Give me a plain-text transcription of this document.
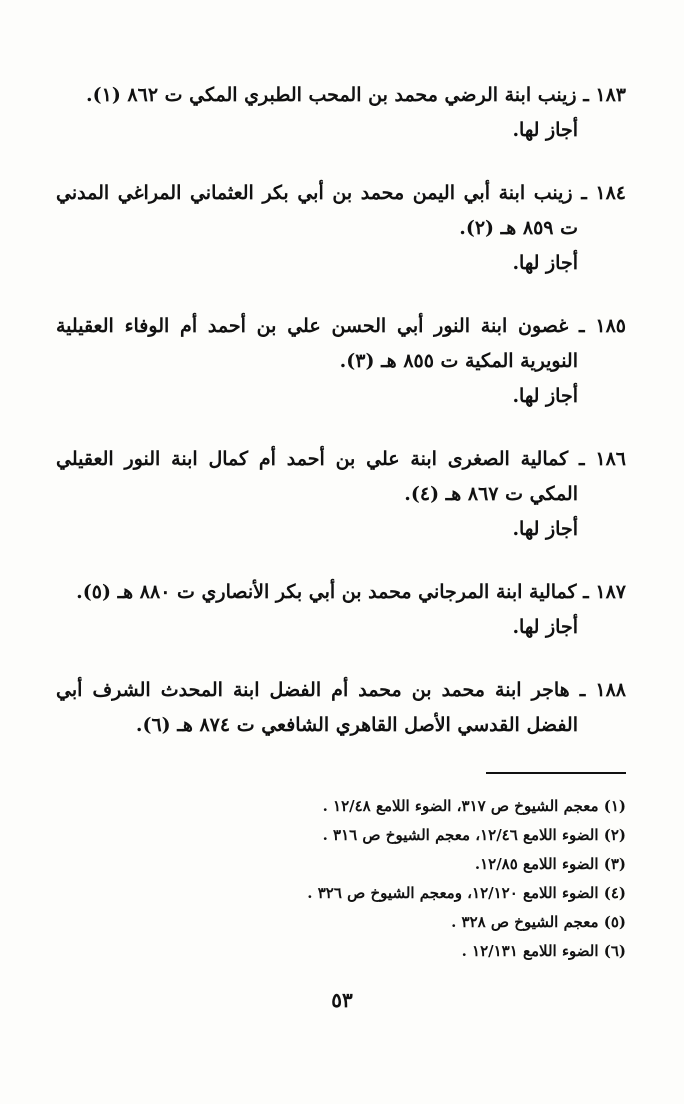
١٨٣ ـ زينب ابنة الرضي محمد بن المحب الطبري المكي ت ٨٦٢ (١).
أجاز لها.
١٨٤ ـ زينب ابنة أبي اليمن محمد بن أبي بكر العثماني المراغي المدني
ت ٨٥٩ هـ (٢).
أجاز لها.
١٨٥ ـ غصون ابنة النور أبي الحسن علي بن أحمد أم الوفاء العقيلية
النويرية المكية ت ٨٥٥ هـ (٣).
أجاز لها.
١٨٦ ـ كمالية الصغرى ابنة علي بن أحمد أم كمال ابنة النور العقيلي
المكي ت ٨٦٧ هـ (٤).
أجاز لها.
١٨٧ ـ كمالية ابنة المرجاني محمد بن أبي بكر الأنصاري ت ٨٨٠ هـ (٥).
أجاز لها.
١٨٨ ـ هاجر ابنة محمد بن محمد أم الفضل ابنة المحدث الشرف أبي
الفضل القدسي الأصل القاهري الشافعي ت ٨٧٤ هـ (٦).
(١) معجم الشيوخ ص ٣١٧، الضوء اللامع ١٢/٤٨ .
(٢) الضوء اللامع ١٢/٤٦، معجم الشيوخ ص ٣١٦ .
(٣) الضوء اللامع ١٢/٨٥.
(٤) الضوء اللامع ١٢/١٢٠، ومعجم الشيوخ ص ٣٢٦ .
(٥) معجم الشيوخ ص ٣٢٨ .
(٦) الضوء اللامع ١٢/١٣١ .
٥٣
